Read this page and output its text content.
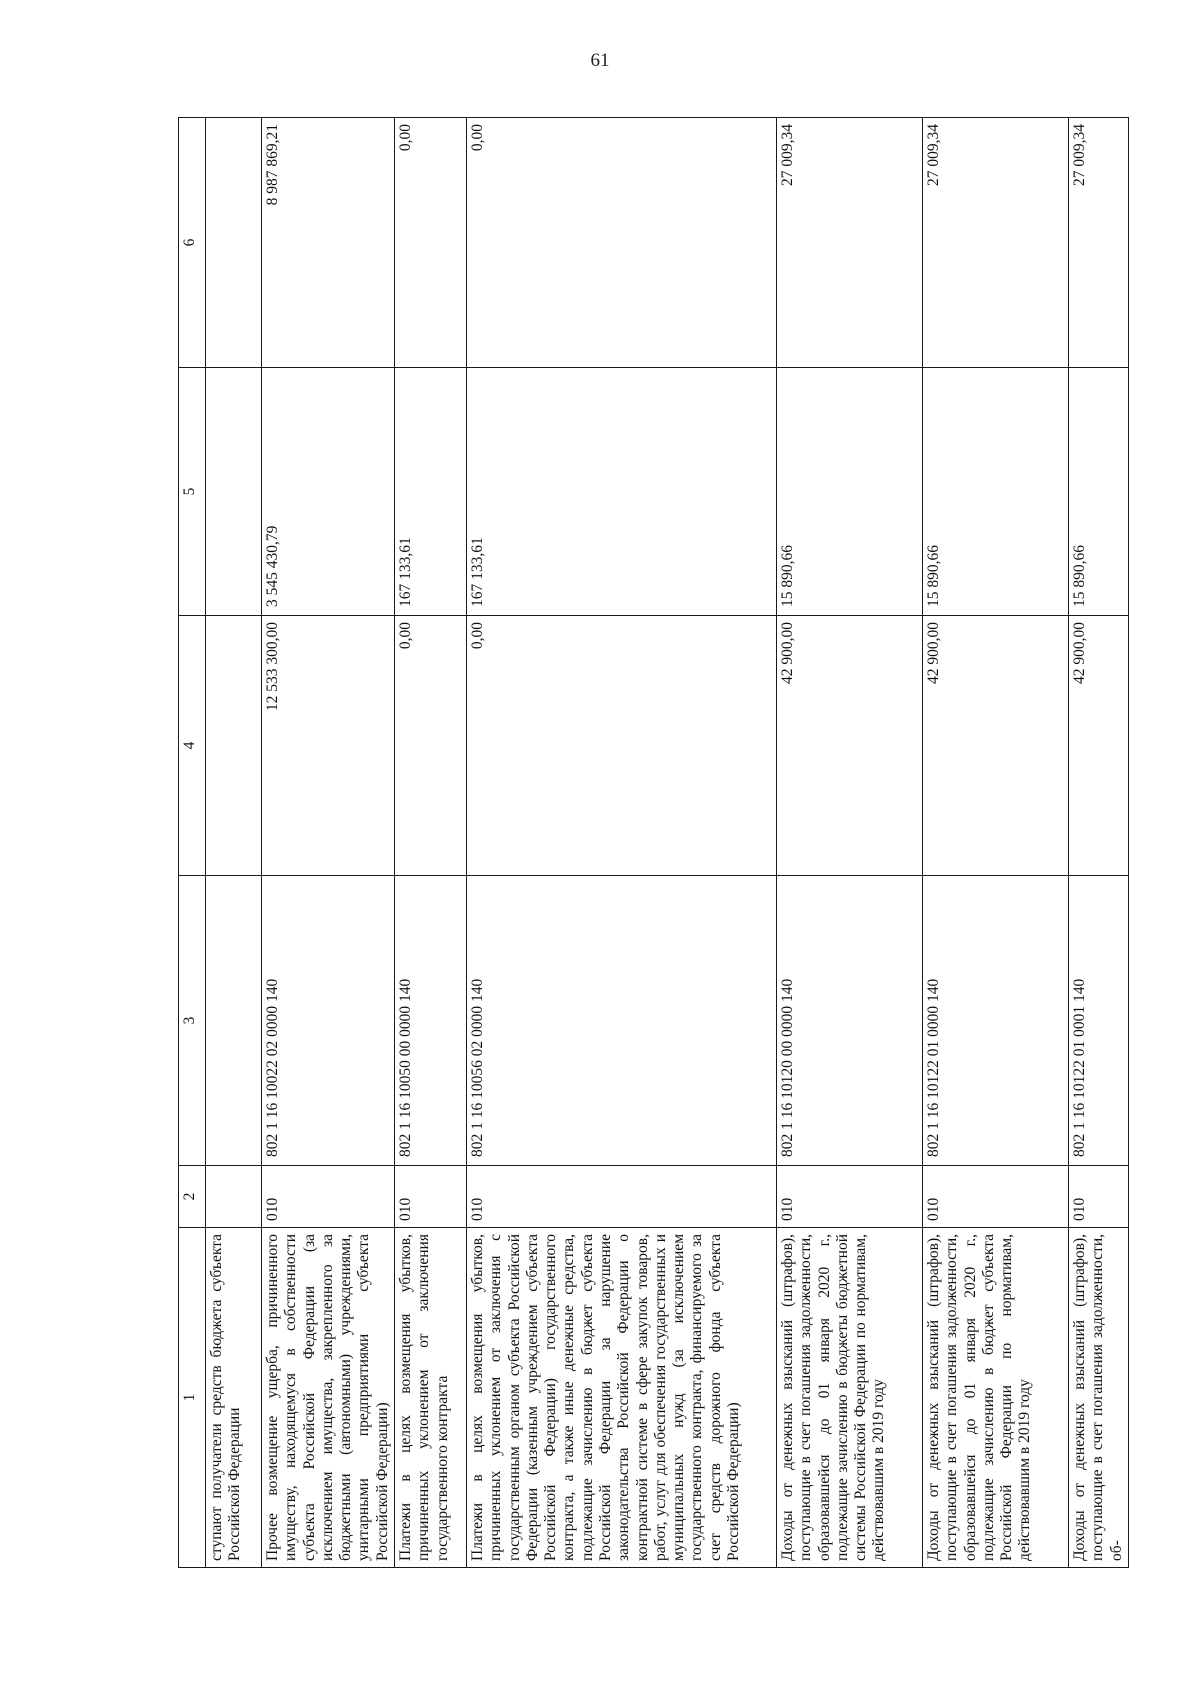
61
1	2	3	4	5	6
ступают получатели средств бюджета субъекта Российской Федерации					
Прочее возмещение ущерба, причиненного имуществу, находящемуся в собственности субъекта Российской Федерации (за исключением имущества, закрепленного за бюджетными (автономными) учреждениями, унитарными предприятиями субъекта Российской Федерации)	010	802 1 16 10022 02 0000 140	12 533 300,00	3 545 430,79	8 987 869,21
Платежи в целях возмещения убытков, причиненных уклонением от заключения государственного контракта	010	802 1 16 10050 00 0000 140	0,00	167 133,61	0,00
Платежи в целях возмещения убытков, причиненных уклонением от заключения с государственным органом субъекта Российской Федерации (казенным учреждением субъекта Российской Федерации) государственного контракта, а также иные денежные средства, подлежащие зачислению в бюджет субъекта Российской Федерации за нарушение законодательства Российской Федерации о контрактной системе в сфере закупок товаров, работ, услуг для обеспечения государственных и муниципальных нужд (за исключением государственного контракта, финансируемого за счет средств дорожного фонда субъекта Российской Федерации)	010	802 1 16 10056 02 0000 140	0,00	167 133,61	0,00
Доходы от денежных взысканий (штрафов), поступающие в счет погашения задолженности, образовавшейся до 01 января 2020 г., подлежащие зачислению в бюджеты бюджетной системы Российской Федерации по нормативам, действовавшим в 2019 году	010	802 1 16 10120 00 0000 140	42 900,00	15 890,66	27 009,34
Доходы от денежных взысканий (штрафов), поступающие в счет погашения задолженности, образовавшейся до 01 января 2020 г., подлежащие зачислению в бюджет субъекта Российской Федерации по нормативам, действовавшим в 2019 году	010	802 1 16 10122 01 0000 140	42 900,00	15 890,66	27 009,34
Доходы от денежных взысканий (штрафов), поступающие в счет погашения задолженности, об-	010	802 1 16 10122 01 0001 140	42 900,00	15 890,66	27 009,34
